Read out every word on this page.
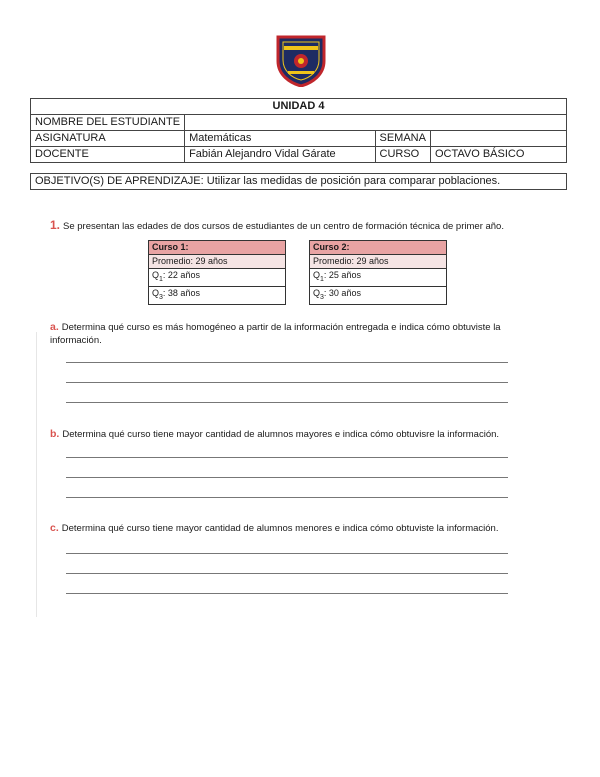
UNIDAD 4			
NOMBRE DEL ESTUDIANTE			
ASIGNATURA	Matemáticas	SEMANA	
DOCENTE	Fabián Alejandro Vidal Gárate	CURSO	OCTAVO BÁSICO
OBJETIVO(S) DE APRENDIZAJE: Utilizar las medidas de posición para comparar poblaciones.
1. Se presentan las edades de dos cursos de estudiantes de un centro de formación técnica de primer año.
Curso 1:
Promedio: 29 años
$Q_1$: 22 años
$Q_3$: 38 años
Curso 2:
Promedio: 29 años
$Q_1$: 25 años
$Q_3$: 30 años
a. Determina qué curso es más homogéneo a partir de la información entregada e indica cómo obtuviste la información.
b. Determina qué curso tiene mayor cantidad de alumnos mayores e indica cómo obtuvisre la información.
c. Determina qué curso tiene mayor cantidad de alumnos menores e indica cómo obtuviste la información.
